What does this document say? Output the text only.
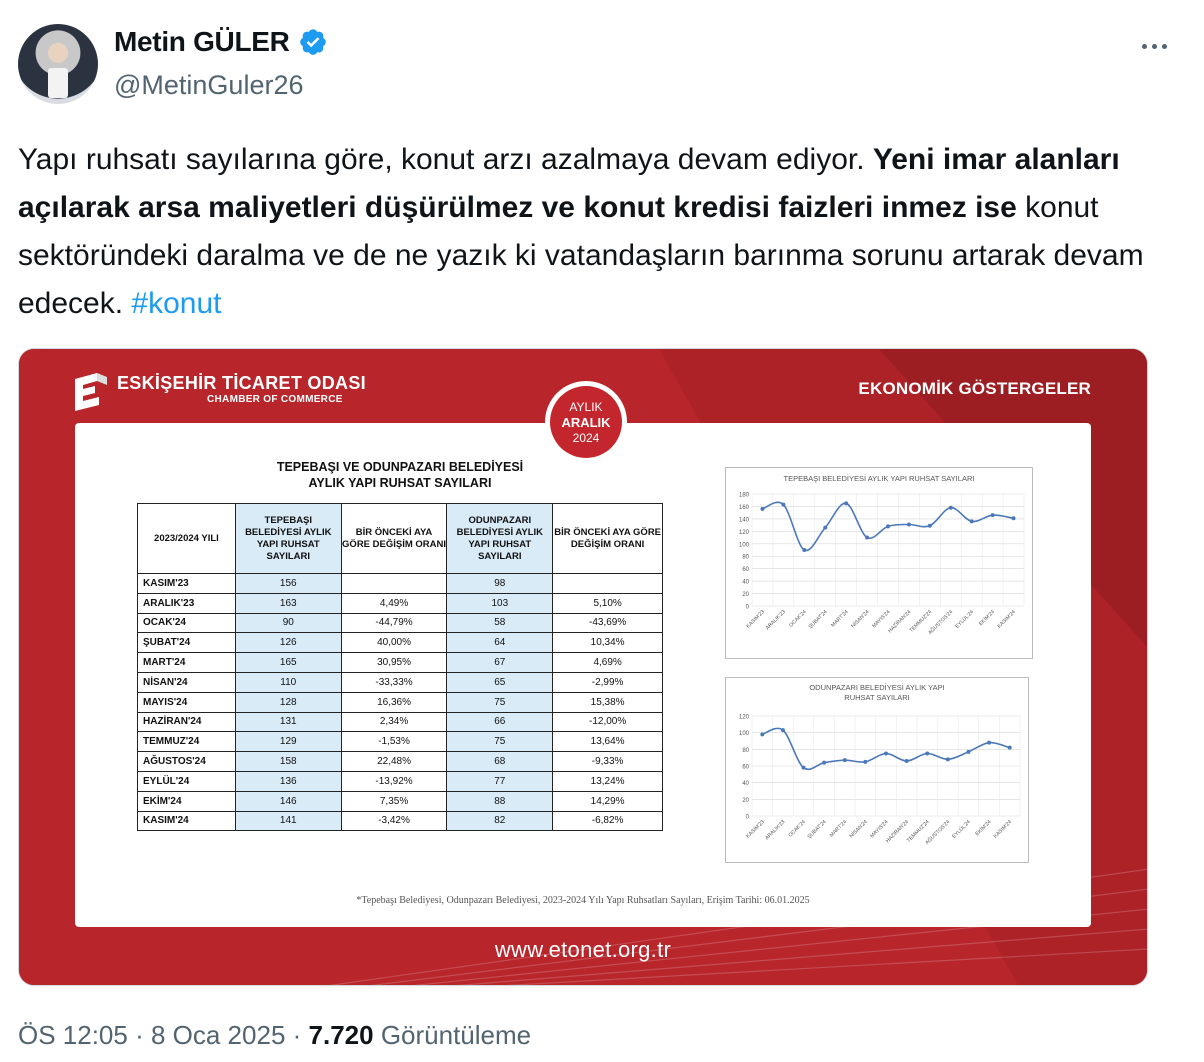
Metin GÜLER
@MetinGuler26
Yapı ruhsatı sayılarına göre, konut arzı azalmaya devam ediyor. Yeni imar alanları açılarak arsa maliyetleri düşürülmez ve konut kredisi faizleri inmez ise konut sektöründeki daralma ve de ne yazık ki vatandaşların barınma sorunu artarak devam edecek. #konut
ESKİŞEHİR TİCARET ODASI
CHAMBER OF COMMERCE
EKONOMİK GÖSTERGELER
TEPEBAŞI VE ODUNPAZARI BELEDİYESİ
AYLIK YAPI RUHSAT SAYILARI
2023/2024 YILI	TEPEBAŞI BELEDİYESİ AYLIK YAPI RUHSAT SAYILARI	BİR ÖNCEKİ AYA GÖRE DEĞİŞİM ORANI	ODUNPAZARI BELEDİYESİ AYLIK YAPI RUHSAT SAYILARI	BİR ÖNCEKİ AYA GÖRE DEĞİŞİM ORANI
KASIM'23	156		98	
ARALIK'23	163	4,49%	103	5,10%
OCAK'24	90	-44,79%	58	-43,69%
ŞUBAT'24	126	40,00%	64	10,34%
MART'24	165	30,95%	67	4,69%
NİSAN'24	110	-33,33%	65	-2,99%
MAYIS'24	128	16,36%	75	15,38%
HAZİRAN'24	131	2,34%	66	-12,00%
TEMMUZ'24	129	-1,53%	75	13,64%
AĞUSTOS'24	158	22,48%	68	-9,33%
EYLÜL'24	136	-13,92%	77	13,24%
EKİM'24	146	7,35%	88	14,29%
KASIM'24	141	-3,42%	82	-6,82%
TEPEBAŞI BELEDİYESİ AYLIK YAPI RUHSAT SAYILARI
0
20
40
60
80
100
120
140
160
180
KASIM'23
ARALIK'23 OCAK'24 ŞUBAT'24 MART'24 NİSAN'24 MAYIS'24
HAZİRAN'24
TEMMUZ'24
AĞUSTOS'24 EYLÜL'24 EKİM'24 KASIM'24
ODUNPAZARI BELEDİYESİ AYLIK YAPI
RUHSAT SAYILARI
0
20
40
60
80
100
120
KASIM'23
ARALIK'23 OCAK'24 ŞUBAT'24 MART'24 NİSAN'24 MAYIS'24
HAZİRAN'24
TEMMUZ'24
AĞUSTOS'24 EYLÜL'24 EKİM'24 KASIM'24
*Tepebaşı Belediyesi, Odunpazarı Belediyesi, 2023-2024 Yılı Yapı Ruhsatları Sayıları, Erişim Tarihi: 06.01.2025
AYLIK
ARALIK
2024
www.etonet.org.tr
ÖS 12:05 · 8 Oca 2025 · 7.720 Görüntüleme
